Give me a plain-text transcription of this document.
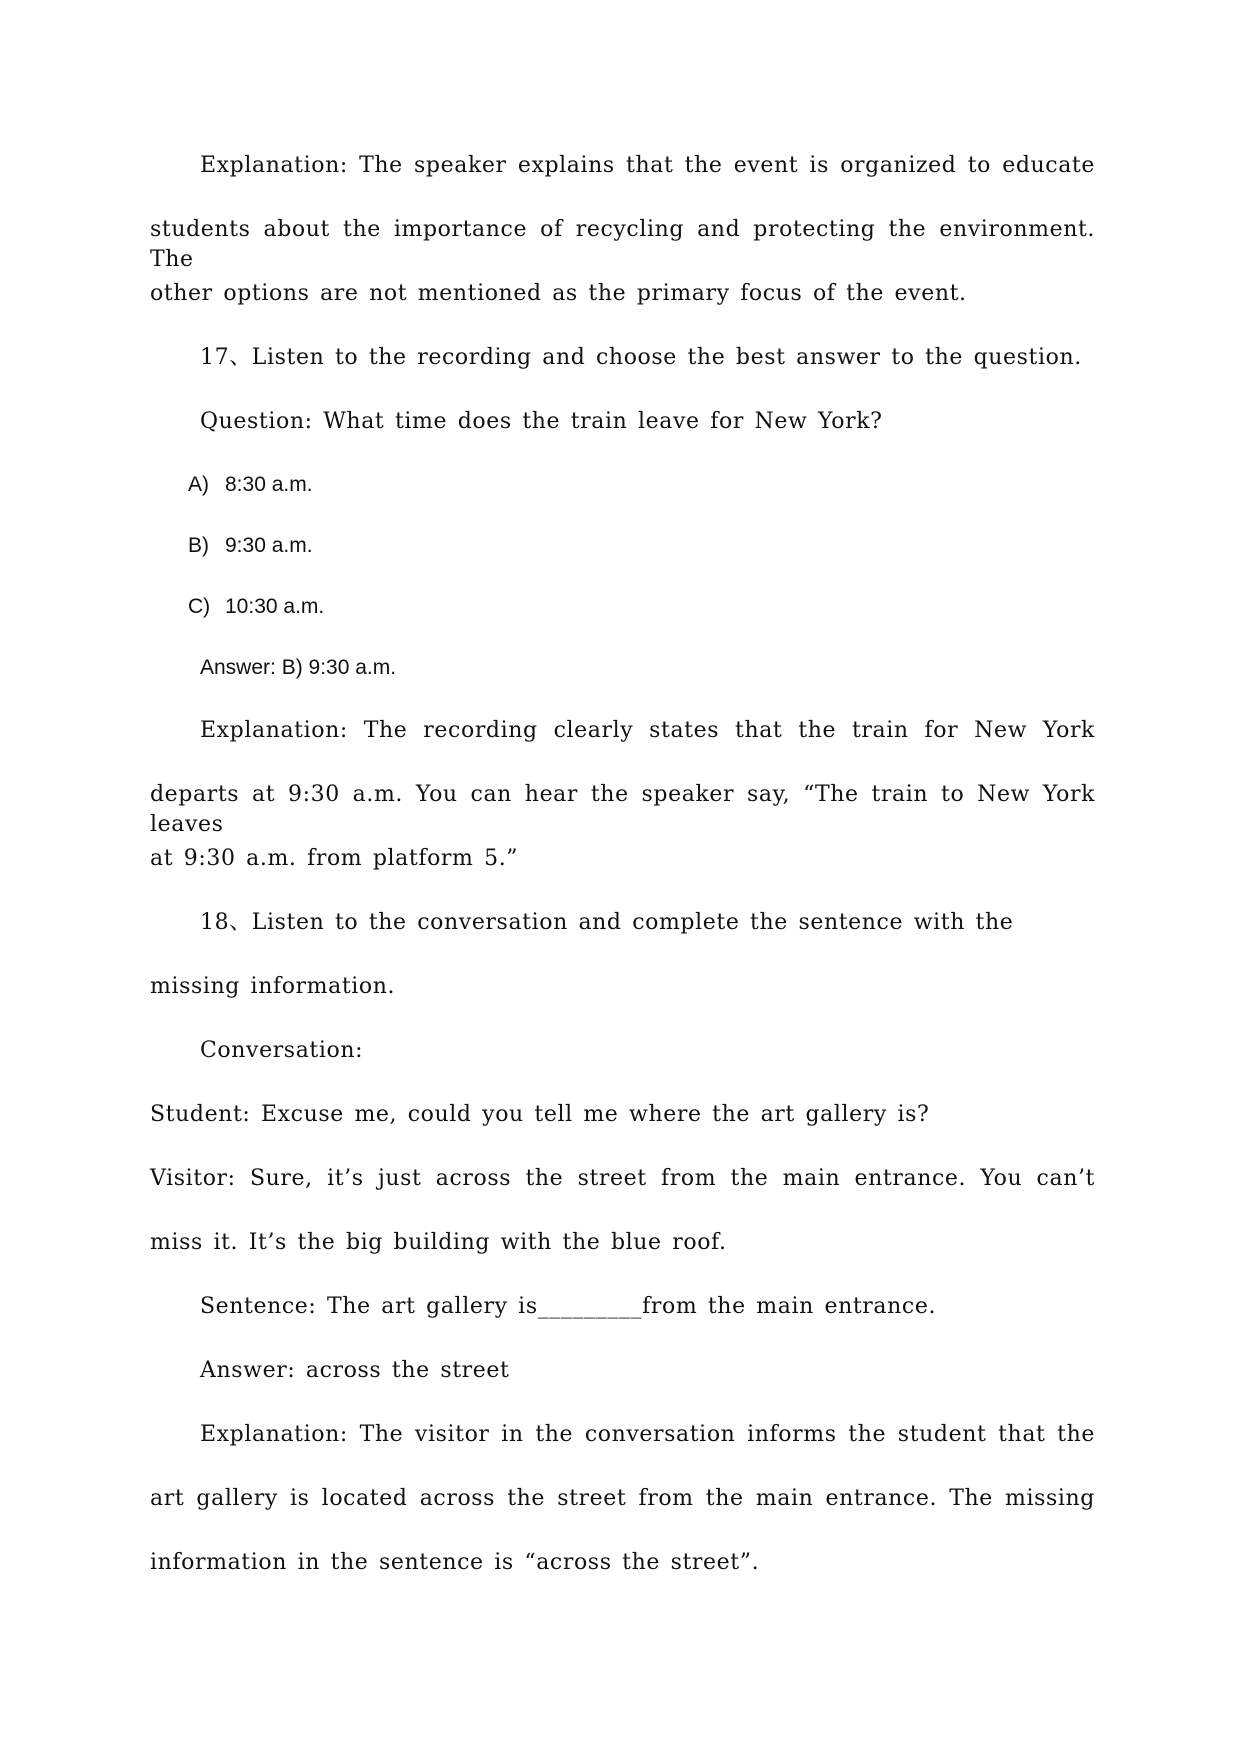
Explanation: The speaker explains that the event is organized to educate
students about the importance of recycling and protecting the environment. The
other options are not mentioned as the primary focus of the event.
17、Listen to the recording and choose the best answer to the question.
Question: What time does the train leave for New York?
A) 8:30 a.m.
B) 9:30 a.m.
C) 10:30 a.m.
Answer: B) 9:30 a.m.
Explanation: The recording clearly states that the train for New York
departs at 9:30 a.m. You can hear the speaker say, “The train to New York leaves
at 9:30 a.m. from platform 5.”
18、Listen to the conversation and complete the sentence with the
missing information.
Conversation:
Student: Excuse me, could you tell me where the art gallery is?
Visitor: Sure, it’s just across the street from the main entrance. You can’t
miss it. It’s the big building with the blue roof.
Sentence: The art gallery is_________from the main entrance.
Answer: across the street
Explanation: The visitor in the conversation informs the student that the
art gallery is located across the street from the main entrance. The missing
information in the sentence is “across the street”.
